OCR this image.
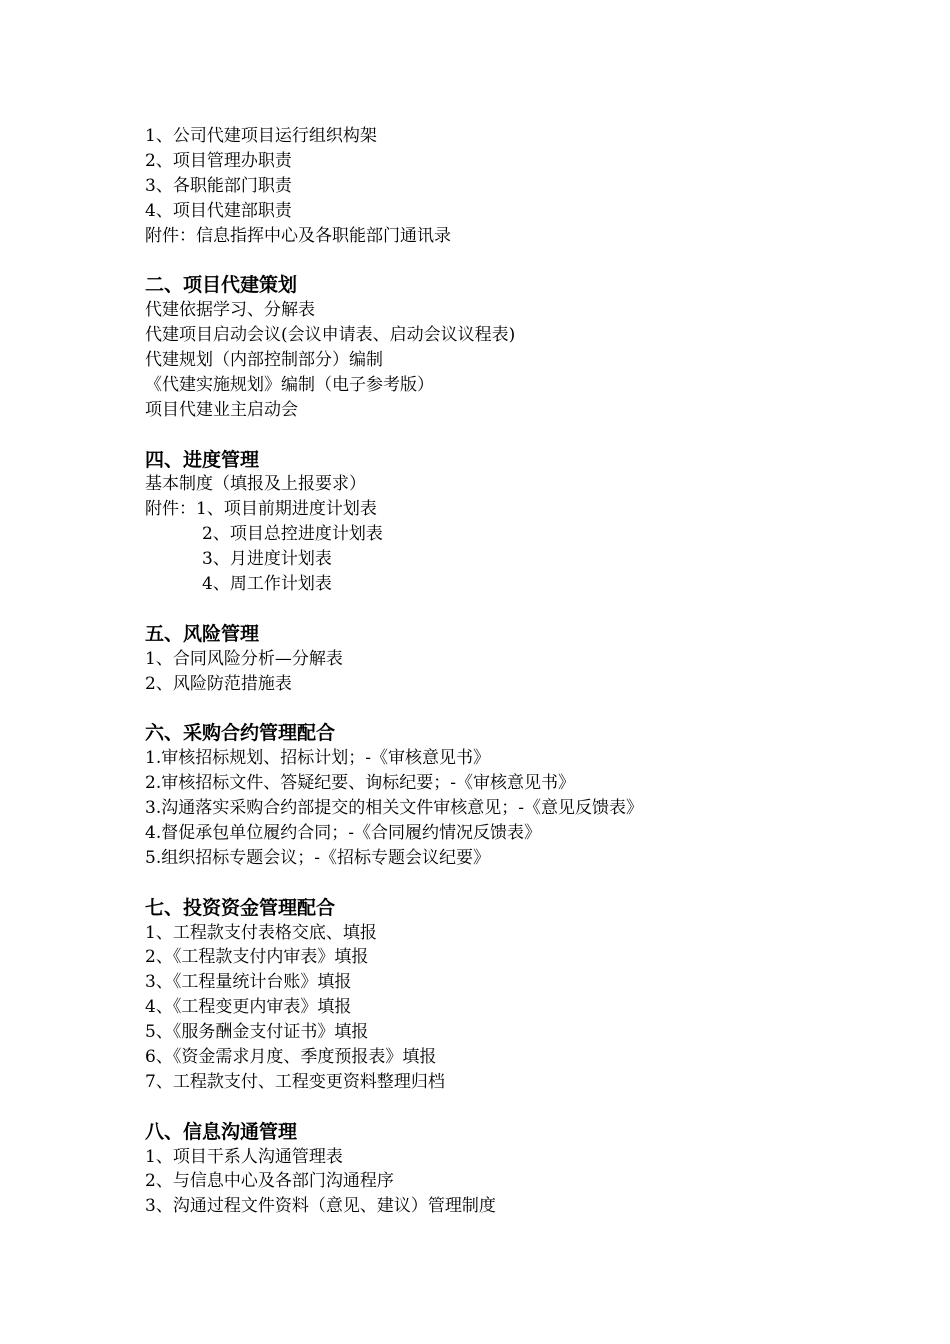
1、公司代建项目运行组织构架
2、项目管理办职责
3、各职能部门职责
4、项目代建部职责
附件：信息指挥中心及各职能部门通讯录
二、项目代建策划
代建依据学习、分解表
代建项目启动会议(会议申请表、启动会议议程表)
代建规划（内部控制部分）编制
《代建实施规划》编制（电子参考版）
项目代建业主启动会
四、进度管理
基本制度（填报及上报要求）
附件：1、项目前期进度计划表
2、项目总控进度计划表
3、月进度计划表
4、周工作计划表
五、风险管理
1、合同风险分析—分解表
2、风险防范措施表
六、采购合约管理配合
1.审核招标规划、招标计划；-《审核意见书》
2.审核招标文件、答疑纪要、询标纪要；-《审核意见书》
3.沟通落实采购合约部提交的相关文件审核意见；-《意见反馈表》
4.督促承包单位履约合同；-《合同履约情况反馈表》
5.组织招标专题会议；-《招标专题会议纪要》
七、投资资金管理配合
1、工程款支付表格交底、填报
2、《工程款支付内审表》填报
3、《工程量统计台账》填报
4、《工程变更内审表》填报
5、《服务酬金支付证书》填报
6、《资金需求月度、季度预报表》填报
7、工程款支付、工程变更资料整理归档
八、信息沟通管理
1、项目干系人沟通管理表
2、与信息中心及各部门沟通程序
3、沟通过程文件资料（意见、建议）管理制度
